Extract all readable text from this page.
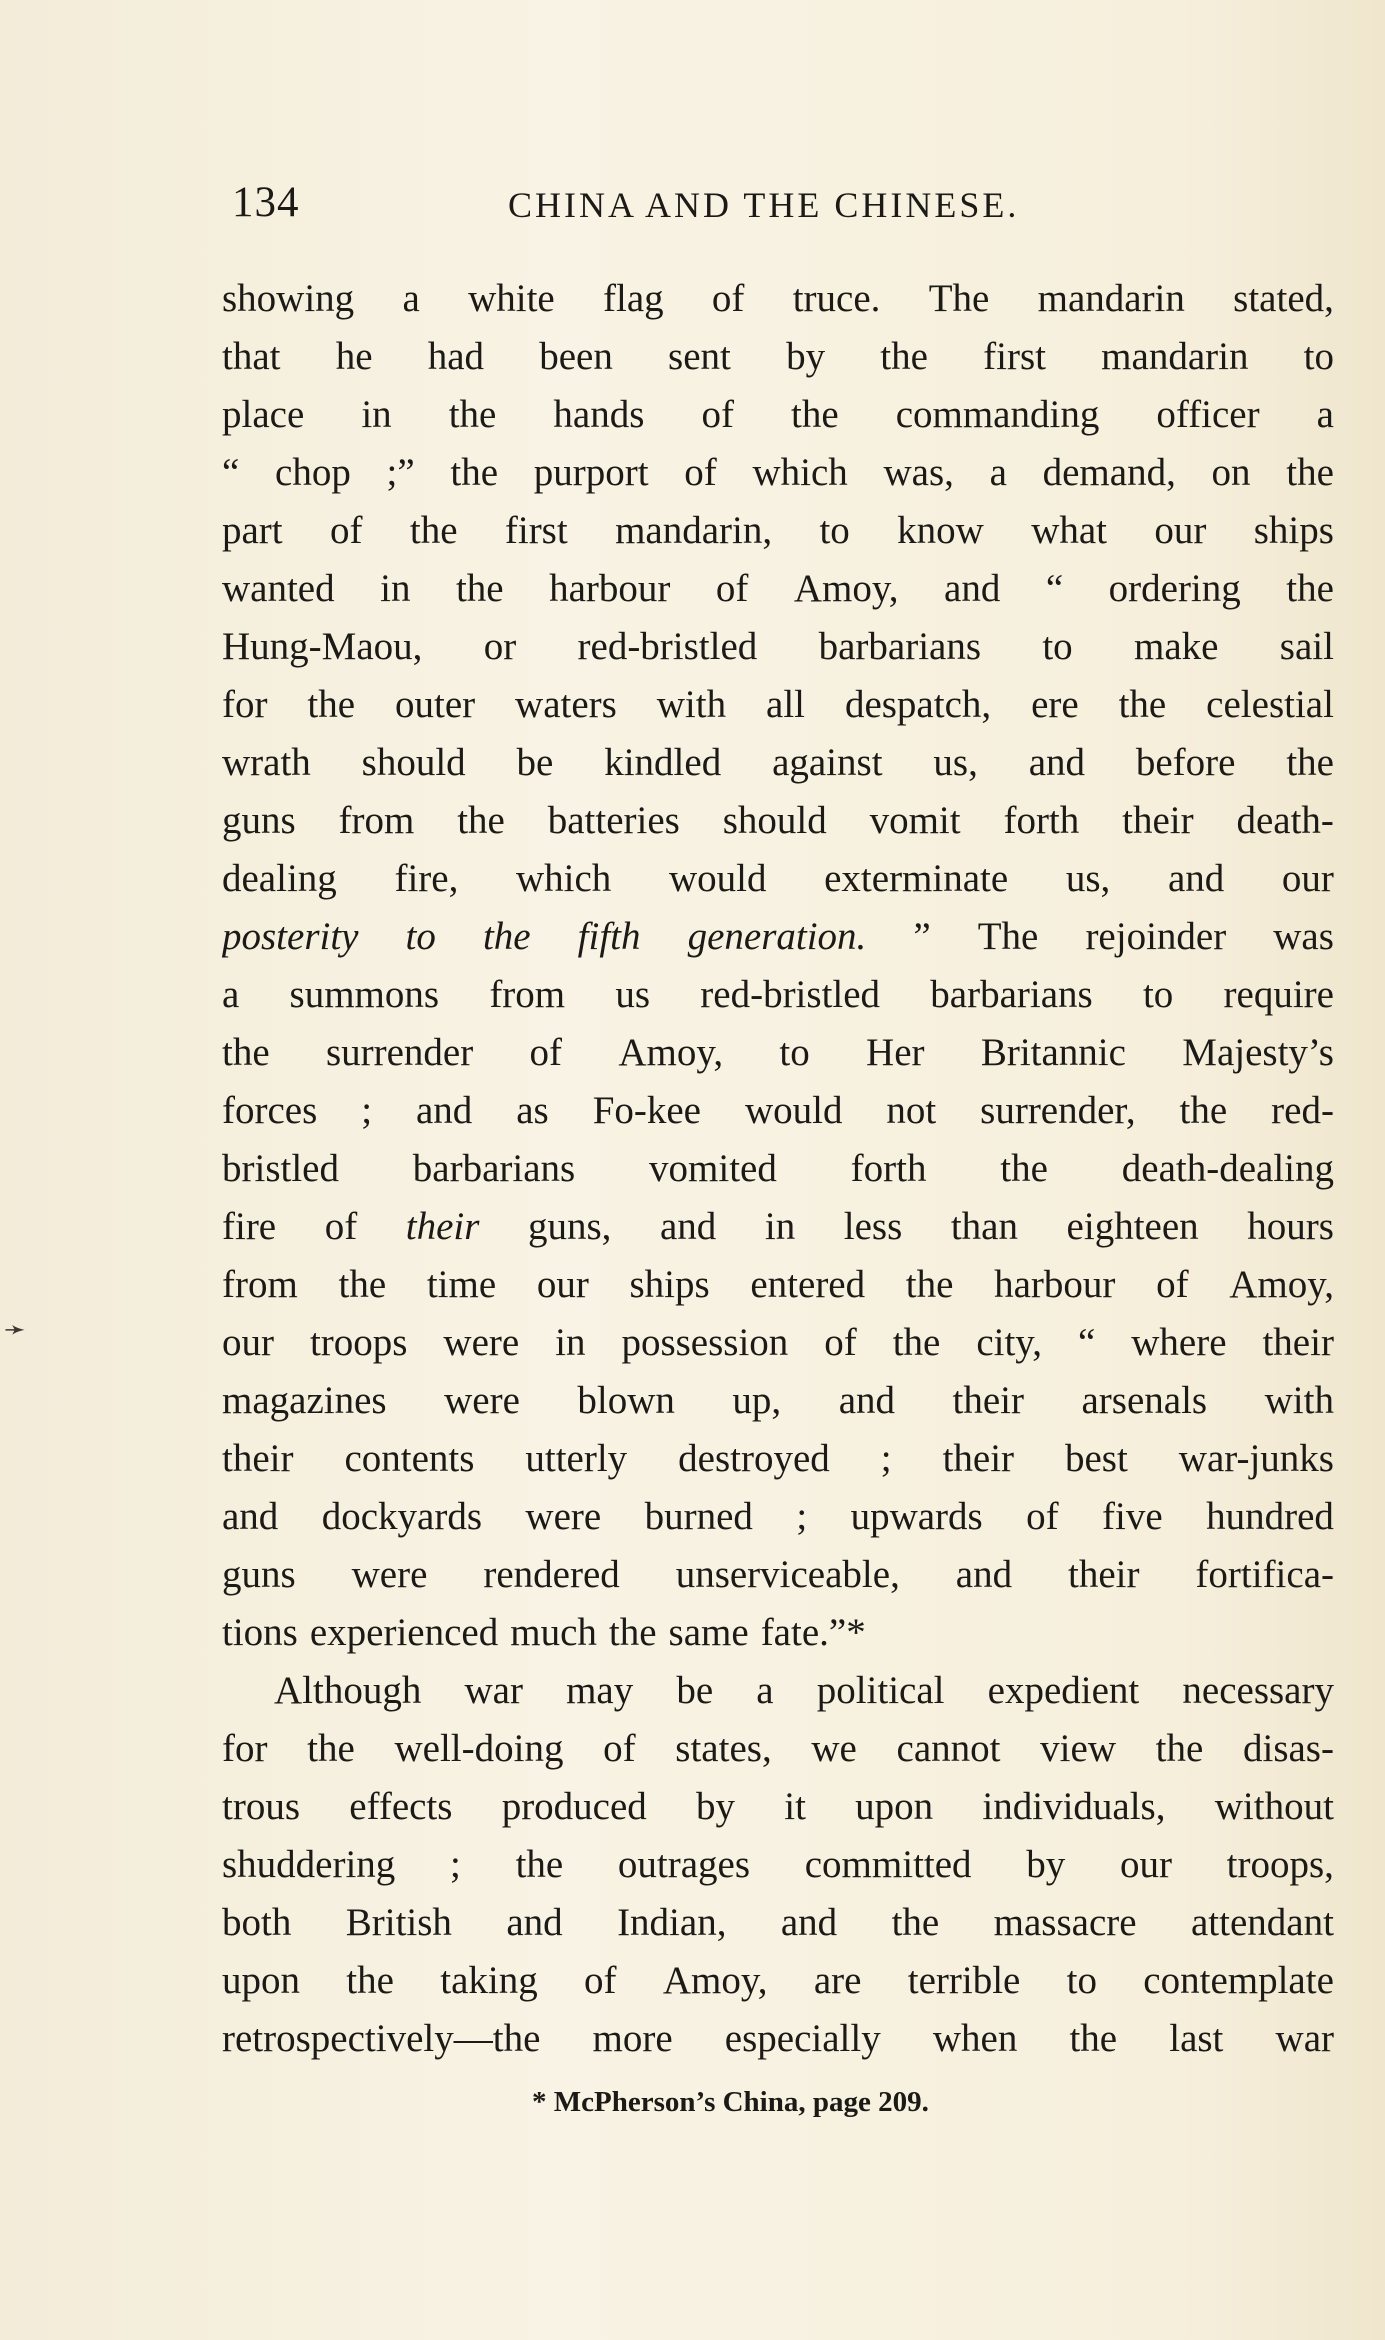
134	CHINA AND THE CHINESE.
showing a white flag of truce. The mandarin stated,
that he had been sent by the first mandarin to
place in the hands of the commanding officer a
“ chop ;” the purport of which was, a demand, on the
part of the first mandarin, to know what our ships
wanted in the harbour of Amoy, and “ ordering the
Hung-Maou, or red-bristled barbarians to make sail
for the outer waters with all despatch, ere the celestial
wrath should be kindled against us, and before the
guns from the batteries should vomit forth their death-
dealing fire, which would exterminate us, and our
posterity to the fifth generation. ” The rejoinder was
a summons from us red-bristled barbarians to require
the surrender of Amoy, to Her Britannic Majesty’s
forces ; and as Fo-kee would not surrender, the red-
bristled barbarians vomited forth the death-dealing
fire of their guns, and in less than eighteen hours
from the time our ships entered the harbour of Amoy,
our troops were in possession of the city, “ where their
magazines were blown up, and their arsenals with
their contents utterly destroyed ; their best war-junks
and dockyards were burned ; upwards of five hundred
guns were rendered unserviceable, and their fortifica-
tions experienced much the same fate.”*
Although war may be a political expedient necessary
for the well-doing of states, we cannot view the disas-
trous effects produced by it upon individuals, without
shuddering ; the outrages committed by our troops,
both British and Indian, and the massacre attendant
upon the taking of Amoy, are terrible to contemplate
retrospectively—the more especially when the last war
* McPherson’s China, page 209.
➛
